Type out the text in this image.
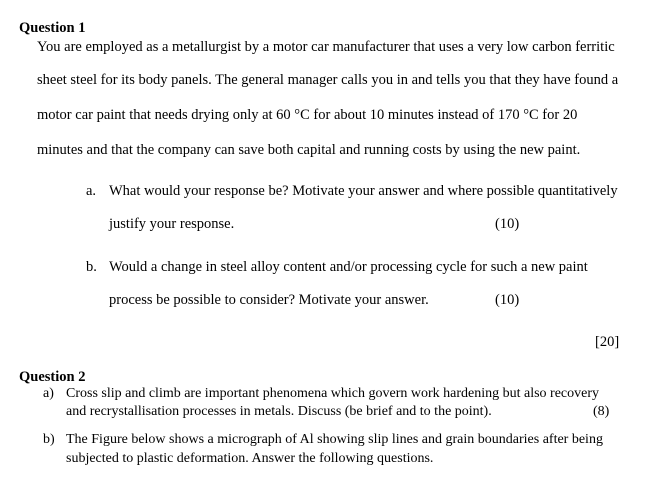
Question 1
You are employed as a metallurgist by a motor car manufacturer that uses a very low carbon ferritic
sheet steel for its body panels. The general manager calls you in and tells you that they have found a
motor car paint that needs drying only at 60 °C for about 10 minutes instead of 170 °C for 20
minutes and that the company can save both capital and running costs by using the new paint.
a. What would your response be? Motivate your answer and where possible quantitatively
justify your response.	(10)
b. Would a change in steel alloy content and/or processing cycle for such a new paint
process be possible to consider? Motivate your answer.	(10)
[20]
Question 2
a) Cross slip and climb are important phenomena which govern work hardening but also recovery
and recrystallisation processes in metals. Discuss (be brief and to the point).	(8)
b) The Figure below shows a micrograph of Al showing slip lines and grain boundaries after being
subjected to plastic deformation. Answer the following questions.
